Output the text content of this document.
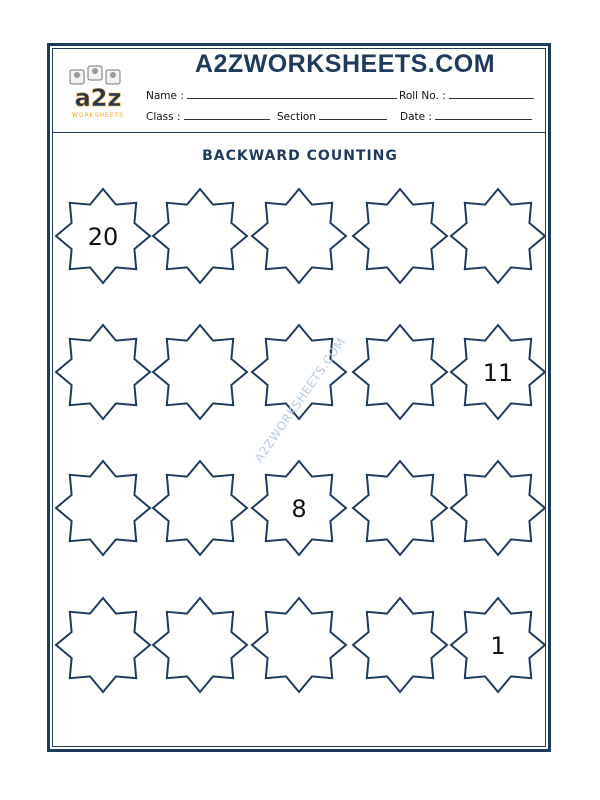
a2z
WORKSHEETS
A2ZWORKSHEETS.COM
Name :	Roll No. :
Class :	Section	Date :
BACKWARD COUNTING
20
11
8
1
A2ZWORKSHEETS.COM
